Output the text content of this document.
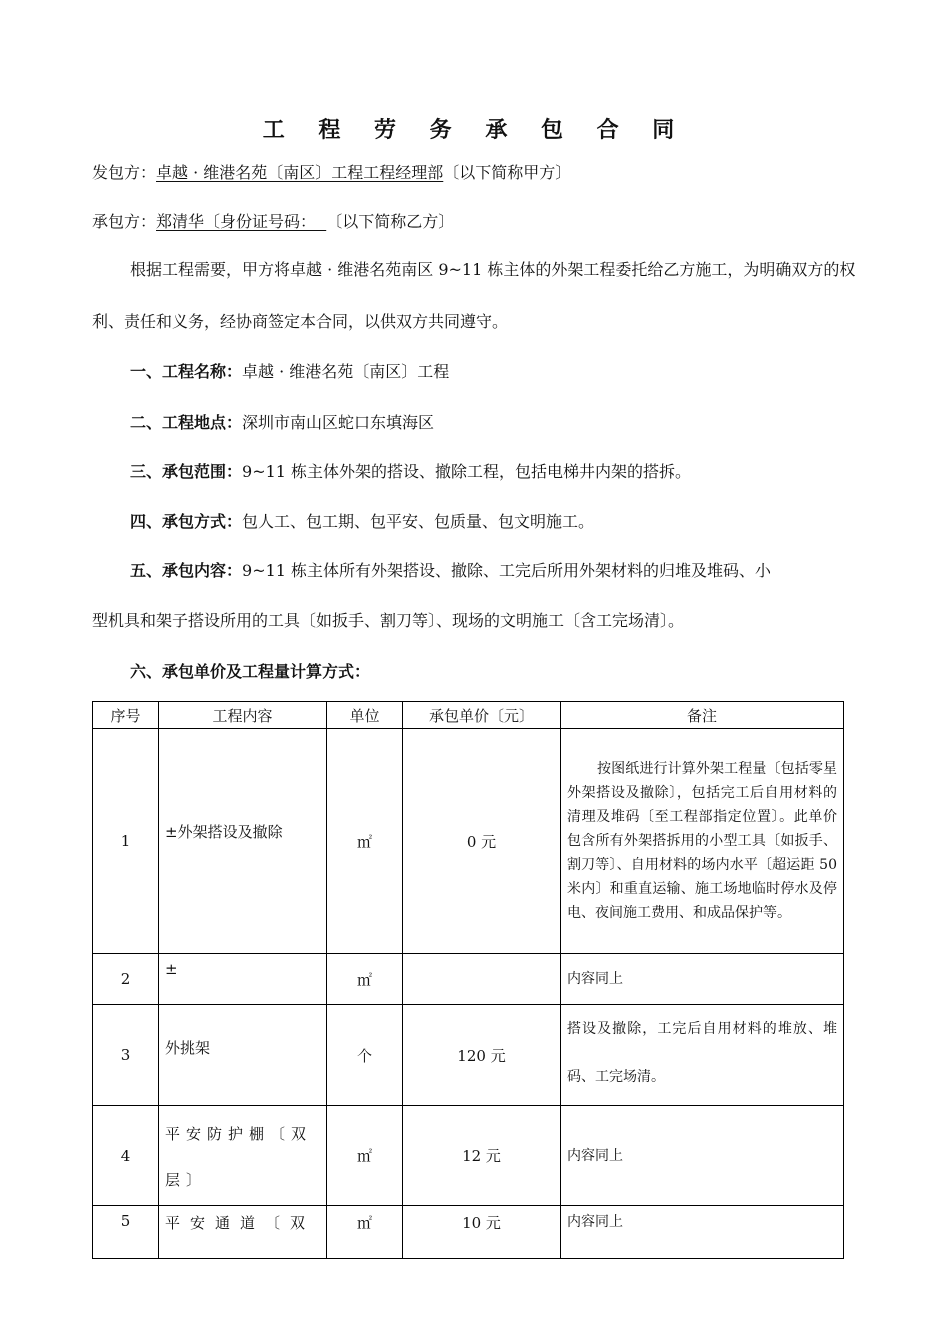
工 程 劳 务 承 包 合 同
发包方：卓越 · 维港名苑〔南区〕工程工程经理部〔以下简称甲方〕
承包方：郑清华〔身份证号码：  〔以下简称乙方〕
根据工程需要，甲方将卓越 · 维港名苑南区 9~11 栋主体的外架工程委托给乙方施工，为明确双方的权利、责任和义务，经协商签定本合同，以供双方共同遵守。
一、工程名称：卓越 · 维港名苑〔南区〕工程
二、工程地点：深圳市南山区蛇口东填海区
三、承包范围：9~11 栋主体外架的搭设、撤除工程，包括电梯井内架的搭拆。
四、承包方式：包人工、包工期、包平安、包质量、包文明施工。
五、承包内容：9~11 栋主体所有外架搭设、撤除、工完后所用外架材料的归堆及堆码、小
型机具和架子搭设所用的工具〔如扳手、割刀等〕、现场的文明施工〔含工完场清〕。
六、承包单价及工程量计算方式：
序号	工程内容	单位	承包单价〔元〕	备注
1	±外架搭设及撤除	㎡	0 元	按图纸进行计算外架工程量〔包括零星外架搭设及撤除〕，包括完工后自用材料的清理及堆码〔至工程部指定位置〕。此单价包含所有外架搭拆用的小型工具〔如扳手、割刀等〕、自用材料的场内水平〔超运距 50 米内〕和重直运输、施工场地临时停水及停电、夜间施工费用、和成品保护等。
2	±	㎡		内容同上
3	外挑架	个	120 元	搭设及撤除，工完后自用材料的堆放、堆码、工完场清。
4	平安防护棚〔双层〕	㎡	12 元	内容同上
5	平安通道〔双	㎡	10 元	内容同上
